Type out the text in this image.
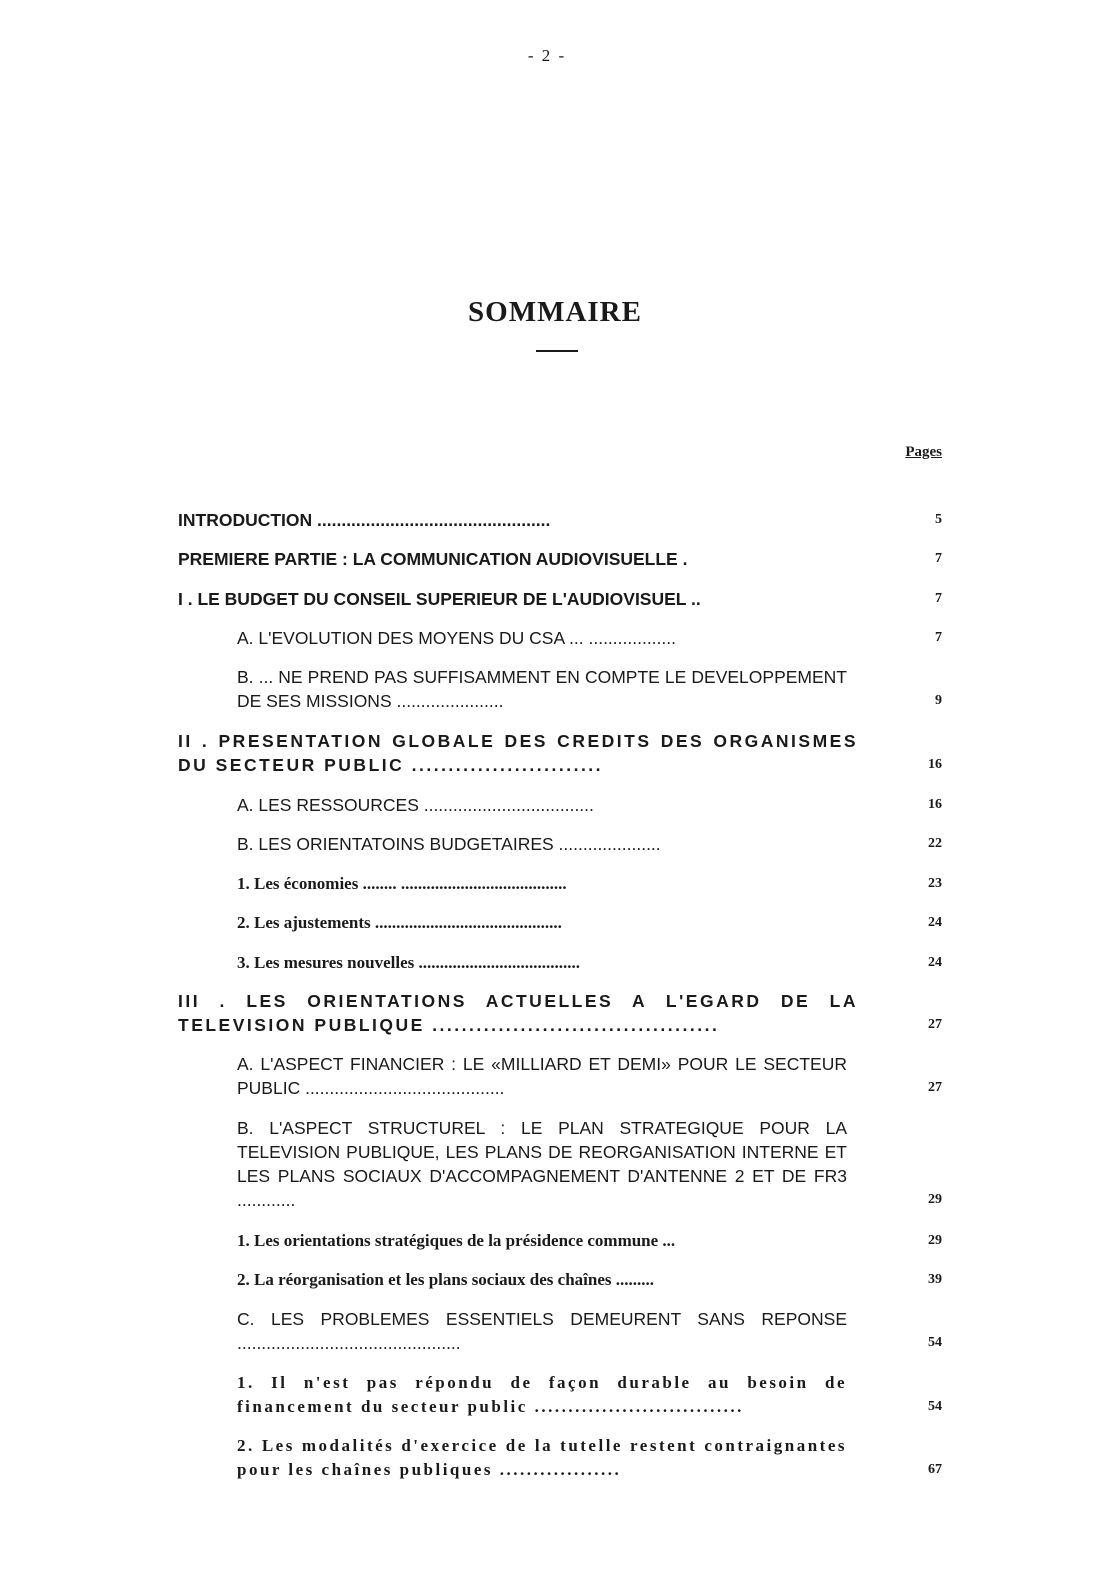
- 2 -
SOMMAIRE
Pages
INTRODUCTION ................................................	5
PREMIERE PARTIE : LA COMMUNICATION AUDIOVISUELLE .	7
I . LE BUDGET DU CONSEIL SUPERIEUR DE L'AUDIOVISUEL ..	7
A. L'EVOLUTION DES MOYENS DU CSA ... ..................	7
B. ... NE PREND PAS SUFFISAMMENT EN COMPTE LE DEVELOPPEMENT DE SES MISSIONS ......................	9
II . PRESENTATION GLOBALE DES CREDITS DES ORGANISMES DU SECTEUR PUBLIC ..........................	16
A. LES RESSOURCES ...................................	16
B. LES ORIENTATOINS BUDGETAIRES .....................	22
1. Les économies ........ .......................................	23
2. Les ajustements ............................................	24
3. Les mesures nouvelles ......................................	24
III . LES ORIENTATIONS ACTUELLES A L'EGARD DE LA TELEVISION PUBLIQUE .......................................	27
A. L'ASPECT FINANCIER : LE «MILLIARD ET DEMI» POUR LE SECTEUR PUBLIC .........................................	27
B. L'ASPECT STRUCTUREL : LE PLAN STRATEGIQUE POUR LA TELEVISION PUBLIQUE, LES PLANS DE REORGANISATION INTERNE ET LES PLANS SOCIAUX D'ACCOMPAGNEMENT D'ANTENNE 2 ET DE FR3 ............	29
1. Les orientations stratégiques de la présidence commune ...	29
2. La réorganisation et les plans sociaux des chaînes .........	39
C. LES PROBLEMES ESSENTIELS DEMEURENT SANS REPONSE ..............................................	54
1. Il n'est pas répondu de façon durable au besoin de financement du secteur public ...............................	54
2. Les modalités d'exercice de la tutelle restent contraignantes pour les chaînes publiques ..................	67
